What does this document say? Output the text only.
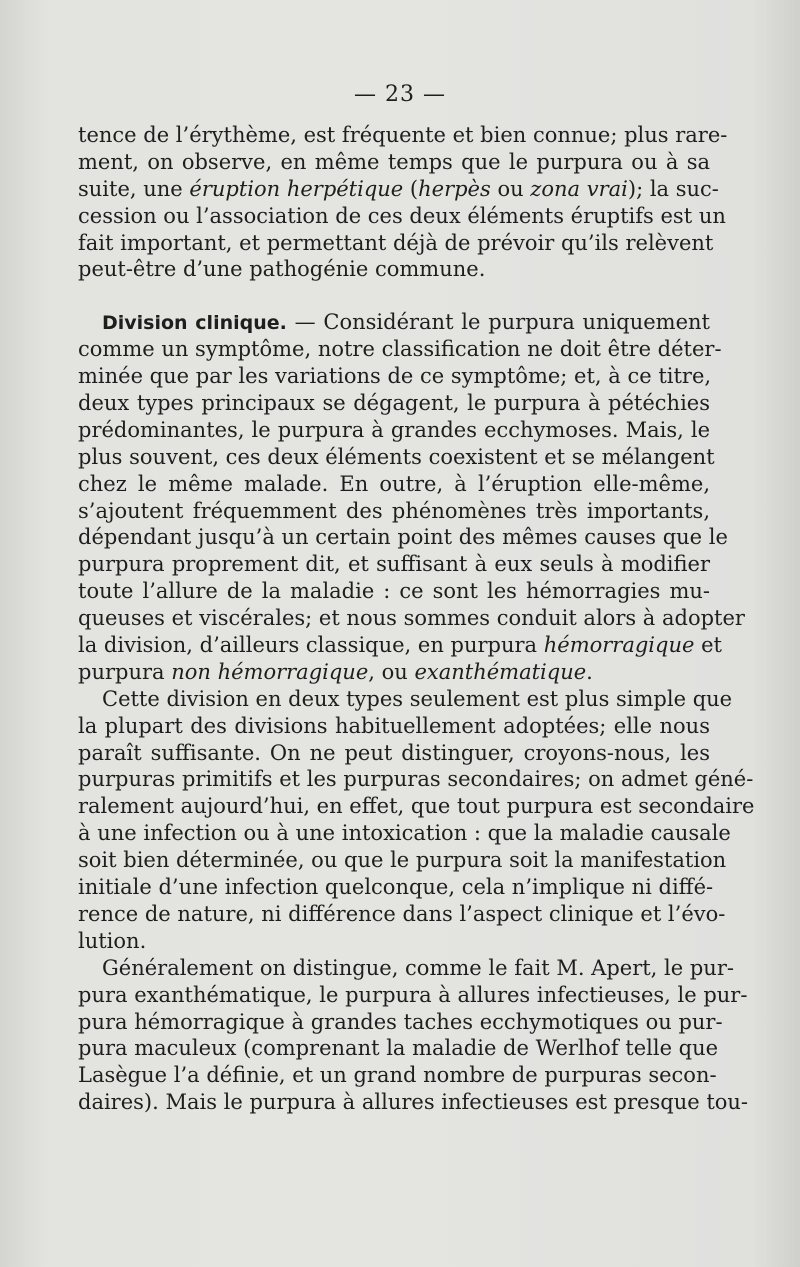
— 23 —
tence de l’érythème, est fréquente et bien connue; plus rare-
ment, on observe, en même temps que le purpura ou à sa
suite, une éruption herpétique (herpès ou zona vrai); la suc-
cession ou l’association de ces deux éléments éruptifs est un
fait important, et permettant déjà de prévoir qu’ils relèvent
peut-être d’une pathogénie commune.
Division clinique. — Considérant le purpura uniquement
comme un symptôme, notre classification ne doit être déter-
minée que par les variations de ce symptôme; et, à ce titre,
deux types principaux se dégagent, le purpura à pétéchies
prédominantes, le purpura à grandes ecchymoses. Mais, le
plus souvent, ces deux éléments coexistent et se mélangent
chez le même malade. En outre, à l’éruption elle-même,
s’ajoutent fréquemment des phénomènes très importants,
dépendant jusqu’à un certain point des mêmes causes que le
purpura proprement dit, et suffisant à eux seuls à modifier
toute l’allure de la maladie : ce sont les hémorragies mu-
queuses et viscérales; et nous sommes conduit alors à adopter
la division, d’ailleurs classique, en purpura hémorragique et
purpura non hémorragique, ou exanthématique.
Cette division en deux types seulement est plus simple que
la plupart des divisions habituellement adoptées; elle nous
paraît suffisante. On ne peut distinguer, croyons-nous, les
purpuras primitifs et les purpuras secondaires; on admet géné-
ralement aujourd’hui, en effet, que tout purpura est secondaire
à une infection ou à une intoxication : que la maladie causale
soit bien déterminée, ou que le purpura soit la manifestation
initiale d’une infection quelconque, cela n’implique ni diffé-
rence de nature, ni différence dans l’aspect clinique et l’évo-
lution.
Généralement on distingue, comme le fait M. Apert, le pur-
pura exanthématique, le purpura à allures infectieuses, le pur-
pura hémorragique à grandes taches ecchymotiques ou pur-
pura maculeux (comprenant la maladie de Werlhof telle que
Lasègue l’a définie, et un grand nombre de purpuras secon-
daires). Mais le purpura à allures infectieuses est presque tou-
